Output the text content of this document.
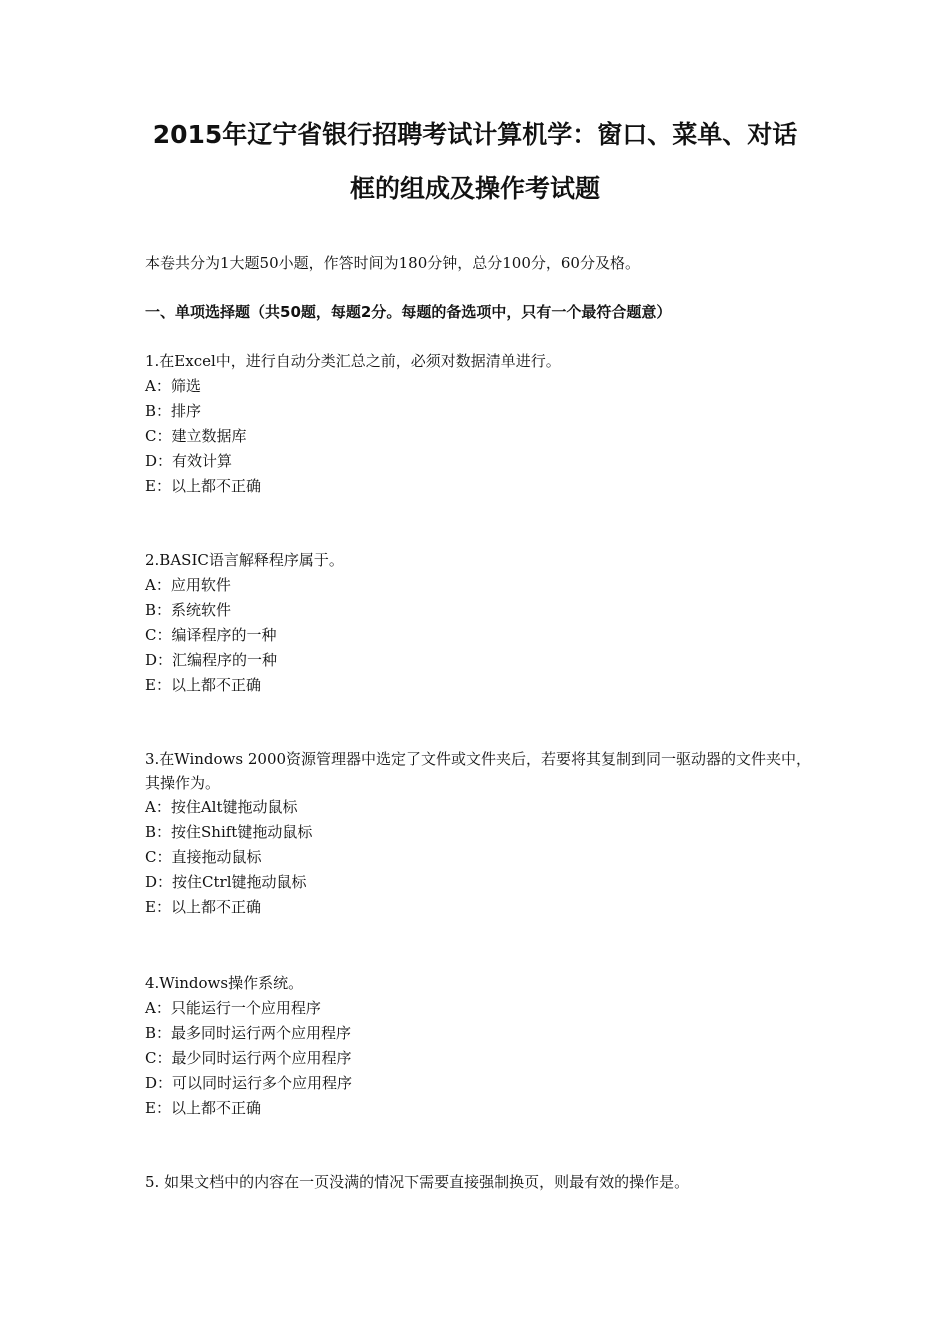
2015年辽宁省银行招聘考试计算机学：窗口、菜单、对话
框的组成及操作考试题
本卷共分为1大题50小题，作答时间为180分钟，总分100分，60分及格。
一、单项选择题（共50题，每题2分。每题的备选项中，只有一个最符合题意）
1.在Excel中，进行自动分类汇总之前，必须对数据清单进行。
A：筛选
B：排序
C：建立数据库
D：有效计算
E：以上都不正确
2.BASIC语言解释程序属于。
A：应用软件
B：系统软件
C：编译程序的一种
D：汇编程序的一种
E：以上都不正确
3.在Windows 2000资源管理器中选定了文件或文件夹后，若要将其复制到同一驱动器的文件夹中，其操作为。
A：按住Alt键拖动鼠标
B：按住Shift键拖动鼠标
C：直接拖动鼠标
D：按住Ctrl键拖动鼠标
E：以上都不正确
4.Windows操作系统。
A：只能运行一个应用程序
B：最多同时运行两个应用程序
C：最少同时运行两个应用程序
D：可以同时运行多个应用程序
E：以上都不正确
5. 如果文档中的内容在一页没满的情况下需要直接强制换页，则最有效的操作是。
